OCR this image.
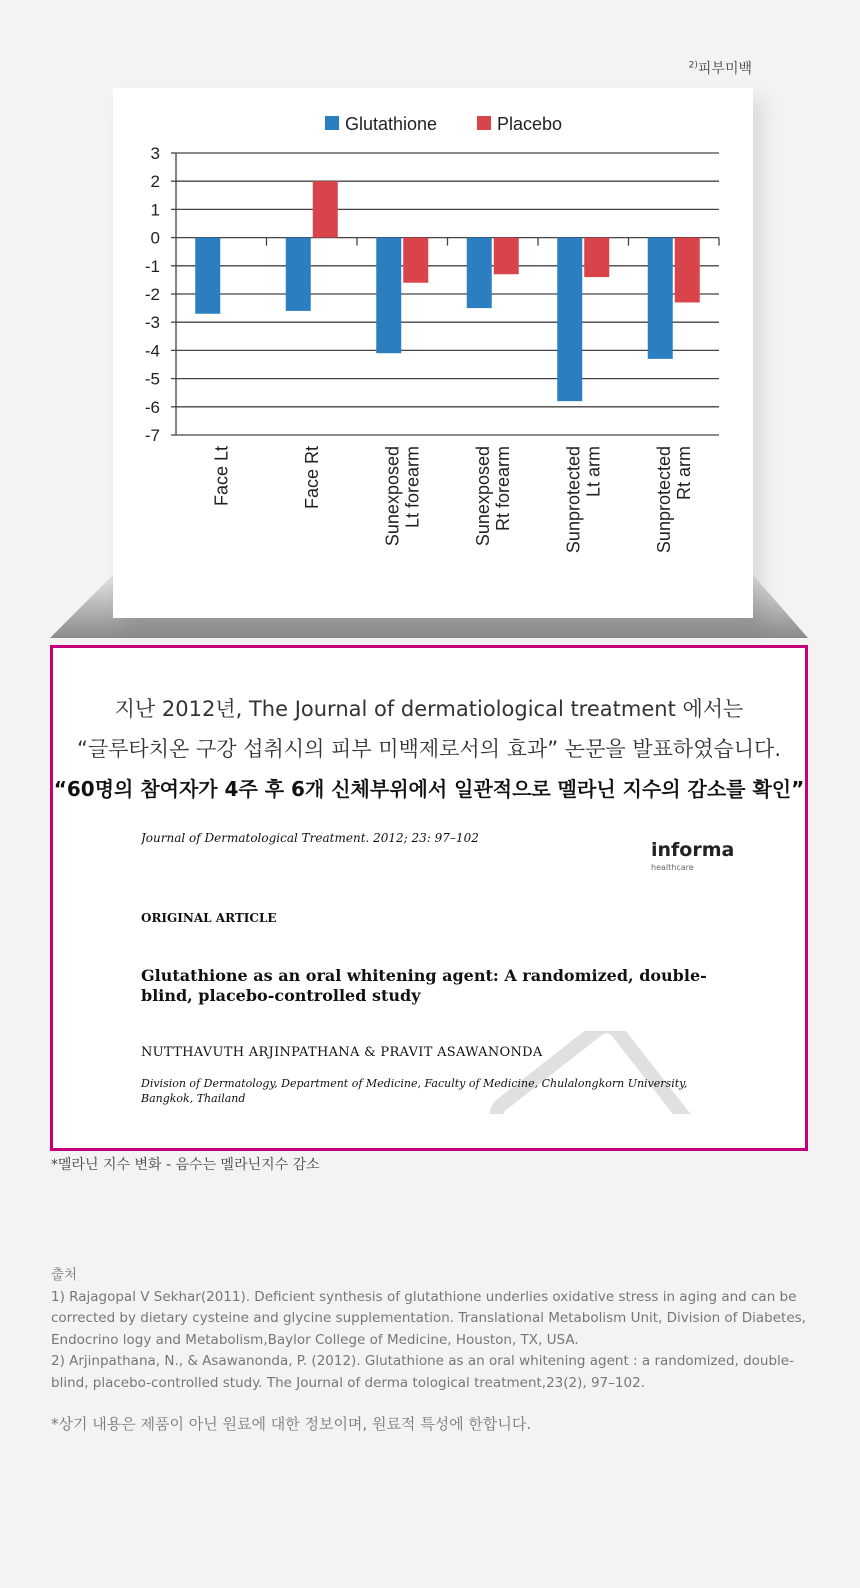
$^{2)}$피부미백
3
2
1
0
-1
-2
-3
-4
-5
-6
-7
Face Lt	Face Rt	Sunexposed Lt forearm	Sunexposed Rt forearm	Sunprotected Lt arm	Sunprotected Rt arm
Glutathione	Placebo
지난 2012년, The Journal of dermatiological treatment 에서는
“글루타치온 구강 섭취시의 피부 미백제로서의 효과” 논문을 발표하였습니다.
“60명의 참여자가 4주 후 6개 신체부위에서 일관적으로 멜라닌 지수의 감소를 확인”
Journal of Dermatological Treatment. 2012; 23: 97–102
informa
healthcare
ORIGINAL ARTICLE
Glutathione as an oral whitening agent: A randomized, double-blind, placebo-controlled study
NUTTHAVUTH ARJINPATHANA & PRAVIT ASAWANONDA
Division of Dermatology, Department of Medicine, Faculty of Medicine, Chulalongkorn University, Bangkok, Thailand
*멜라닌 지수 변화 - 음수는 멜라닌지수 감소

출처

1) Rajagopal V Sekhar(2011). Deficient synthesis of glutathione underlies oxidative stress in aging and can be corrected by dietary cysteine and glycine supplementation. Translational Metabolism Unit, Division of Diabetes, Endocrino logy and Metabolism,Baylor College of Medicine, Houston, TX, USA.

2) Arjinpathana, N., & Asawanonda, P. (2012). Glutathione as an oral whitening agent : a randomized, double-blind, placebo-controlled study. The Journal of derma tological treatment,23(2), 97–102.

*상기 내용은 제품이 아닌 원료에 대한 정보이며, 원료적 특성에 한합니다.
